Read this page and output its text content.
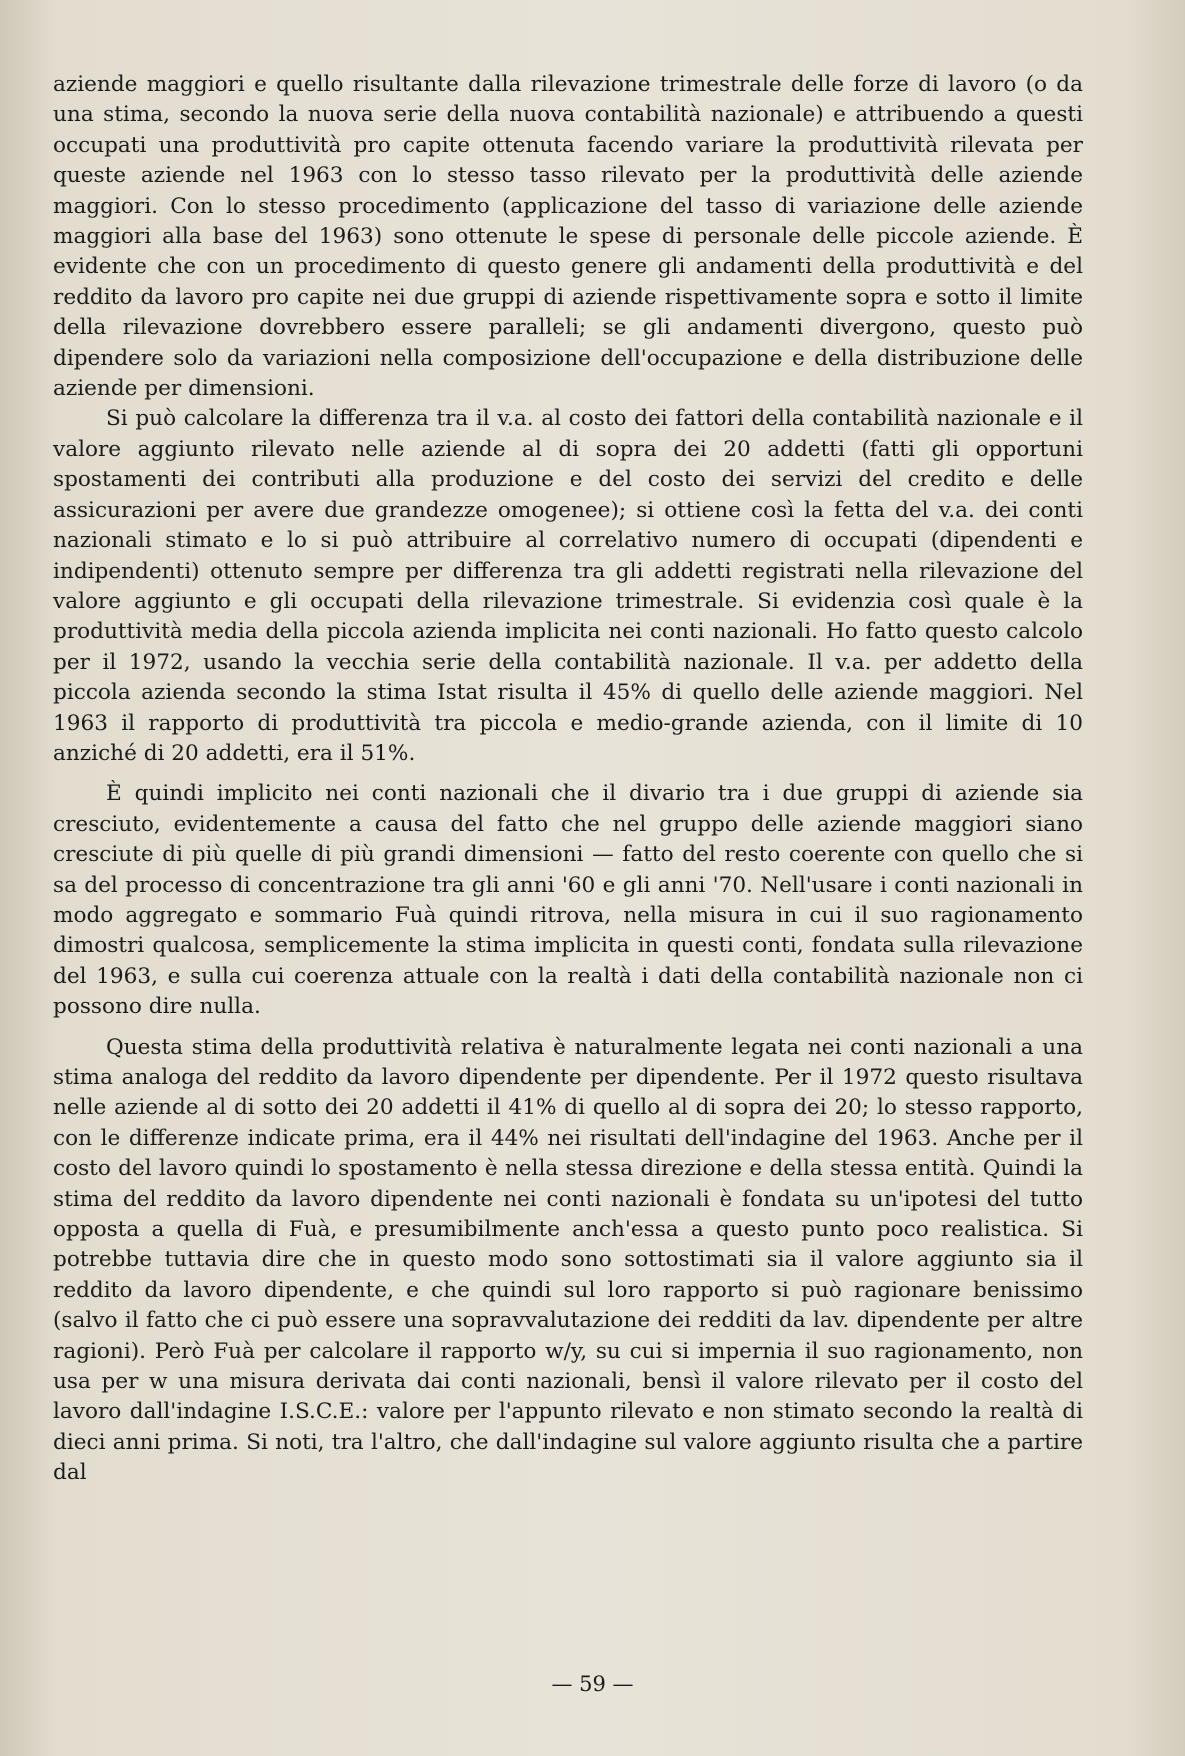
aziende maggiori e quello risultante dalla rilevazione trimestrale delle forze di lavoro (o da una stima, secondo la nuova serie della nuova contabilità nazionale) e attribuendo a questi occupati una produttività pro capite ottenuta facendo variare la produttività rilevata per queste aziende nel 1963 con lo stesso tasso rilevato per la produttività delle aziende maggiori. Con lo stesso procedimento (applicazione del tasso di variazione delle aziende maggiori alla base del 1963) sono ottenute le spese di personale delle piccole aziende. È evidente che con un procedimento di questo genere gli andamenti della produttività e del reddito da lavoro pro capite nei due gruppi di aziende rispettivamente sopra e sotto il limite della rilevazione dovrebbero essere paralleli; se gli andamenti divergono, questo può dipendere solo da variazioni nella composizione dell'occupazione e della distribuzione delle aziende per dimensioni.

Si può calcolare la differenza tra il v.a. al costo dei fattori della contabilità nazionale e il valore aggiunto rilevato nelle aziende al di sopra dei 20 addetti (fatti gli opportuni spostamenti dei contributi alla produzione e del costo dei servizi del credito e delle assicurazioni per avere due grandezze omogenee); si ottiene così la fetta del v.a. dei conti nazionali stimato e lo si può attribuire al correlativo numero di occupati (dipendenti e indipendenti) ottenuto sempre per differenza tra gli addetti registrati nella rilevazione del valore aggiunto e gli occupati della rilevazione trimestrale. Si evidenzia così quale è la produttività media della piccola azienda implicita nei conti nazionali. Ho fatto questo calcolo per il 1972, usando la vecchia serie della contabilità nazionale. Il v.a. per addetto della piccola azienda secondo la stima Istat risulta il 45% di quello delle aziende maggiori. Nel 1963 il rapporto di produttività tra piccola e medio-grande azienda, con il limite di 10 anziché di 20 addetti, era il 51%.

È quindi implicito nei conti nazionali che il divario tra i due gruppi di aziende sia cresciuto, evidentemente a causa del fatto che nel gruppo delle aziende maggiori siano cresciute di più quelle di più grandi dimensioni — fatto del resto coerente con quello che si sa del processo di concentrazione tra gli anni '60 e gli anni '70. Nell'usare i conti nazionali in modo aggregato e sommario Fuà quindi ritrova, nella misura in cui il suo ragionamento dimostri qualcosa, semplicemente la stima implicita in questi conti, fondata sulla rilevazione del 1963, e sulla cui coerenza attuale con la realtà i dati della contabilità nazionale non ci possono dire nulla.

Questa stima della produttività relativa è naturalmente legata nei conti nazionali a una stima analoga del reddito da lavoro dipendente per dipendente. Per il 1972 questo risultava nelle aziende al di sotto dei 20 addetti il 41% di quello al di sopra dei 20; lo stesso rapporto, con le differenze indicate prima, era il 44% nei risultati dell'indagine del 1963. Anche per il costo del lavoro quindi lo spostamento è nella stessa direzione e della stessa entità. Quindi la stima del reddito da lavoro dipendente nei conti nazionali è fondata su un'ipotesi del tutto opposta a quella di Fuà, e presumibilmente anch'essa a questo punto poco realistica. Si potrebbe tuttavia dire che in questo modo sono sottostimati sia il valore aggiunto sia il reddito da lavoro dipendente, e che quindi sul loro rapporto si può ragionare benissimo (salvo il fatto che ci può essere una sopravvalutazione dei redditi da lav. dipendente per altre ragioni). Però Fuà per calcolare il rapporto w/y, su cui si impernia il suo ragionamento, non usa per w una misura derivata dai conti nazionali, bensì il valore rilevato per il costo del lavoro dall'indagine I.S.C.E.: valore per l'appunto rilevato e non stimato secondo la realtà di dieci anni prima. Si noti, tra l'altro, che dall'indagine sul valore aggiunto risulta che a partire dal

— 59 —
